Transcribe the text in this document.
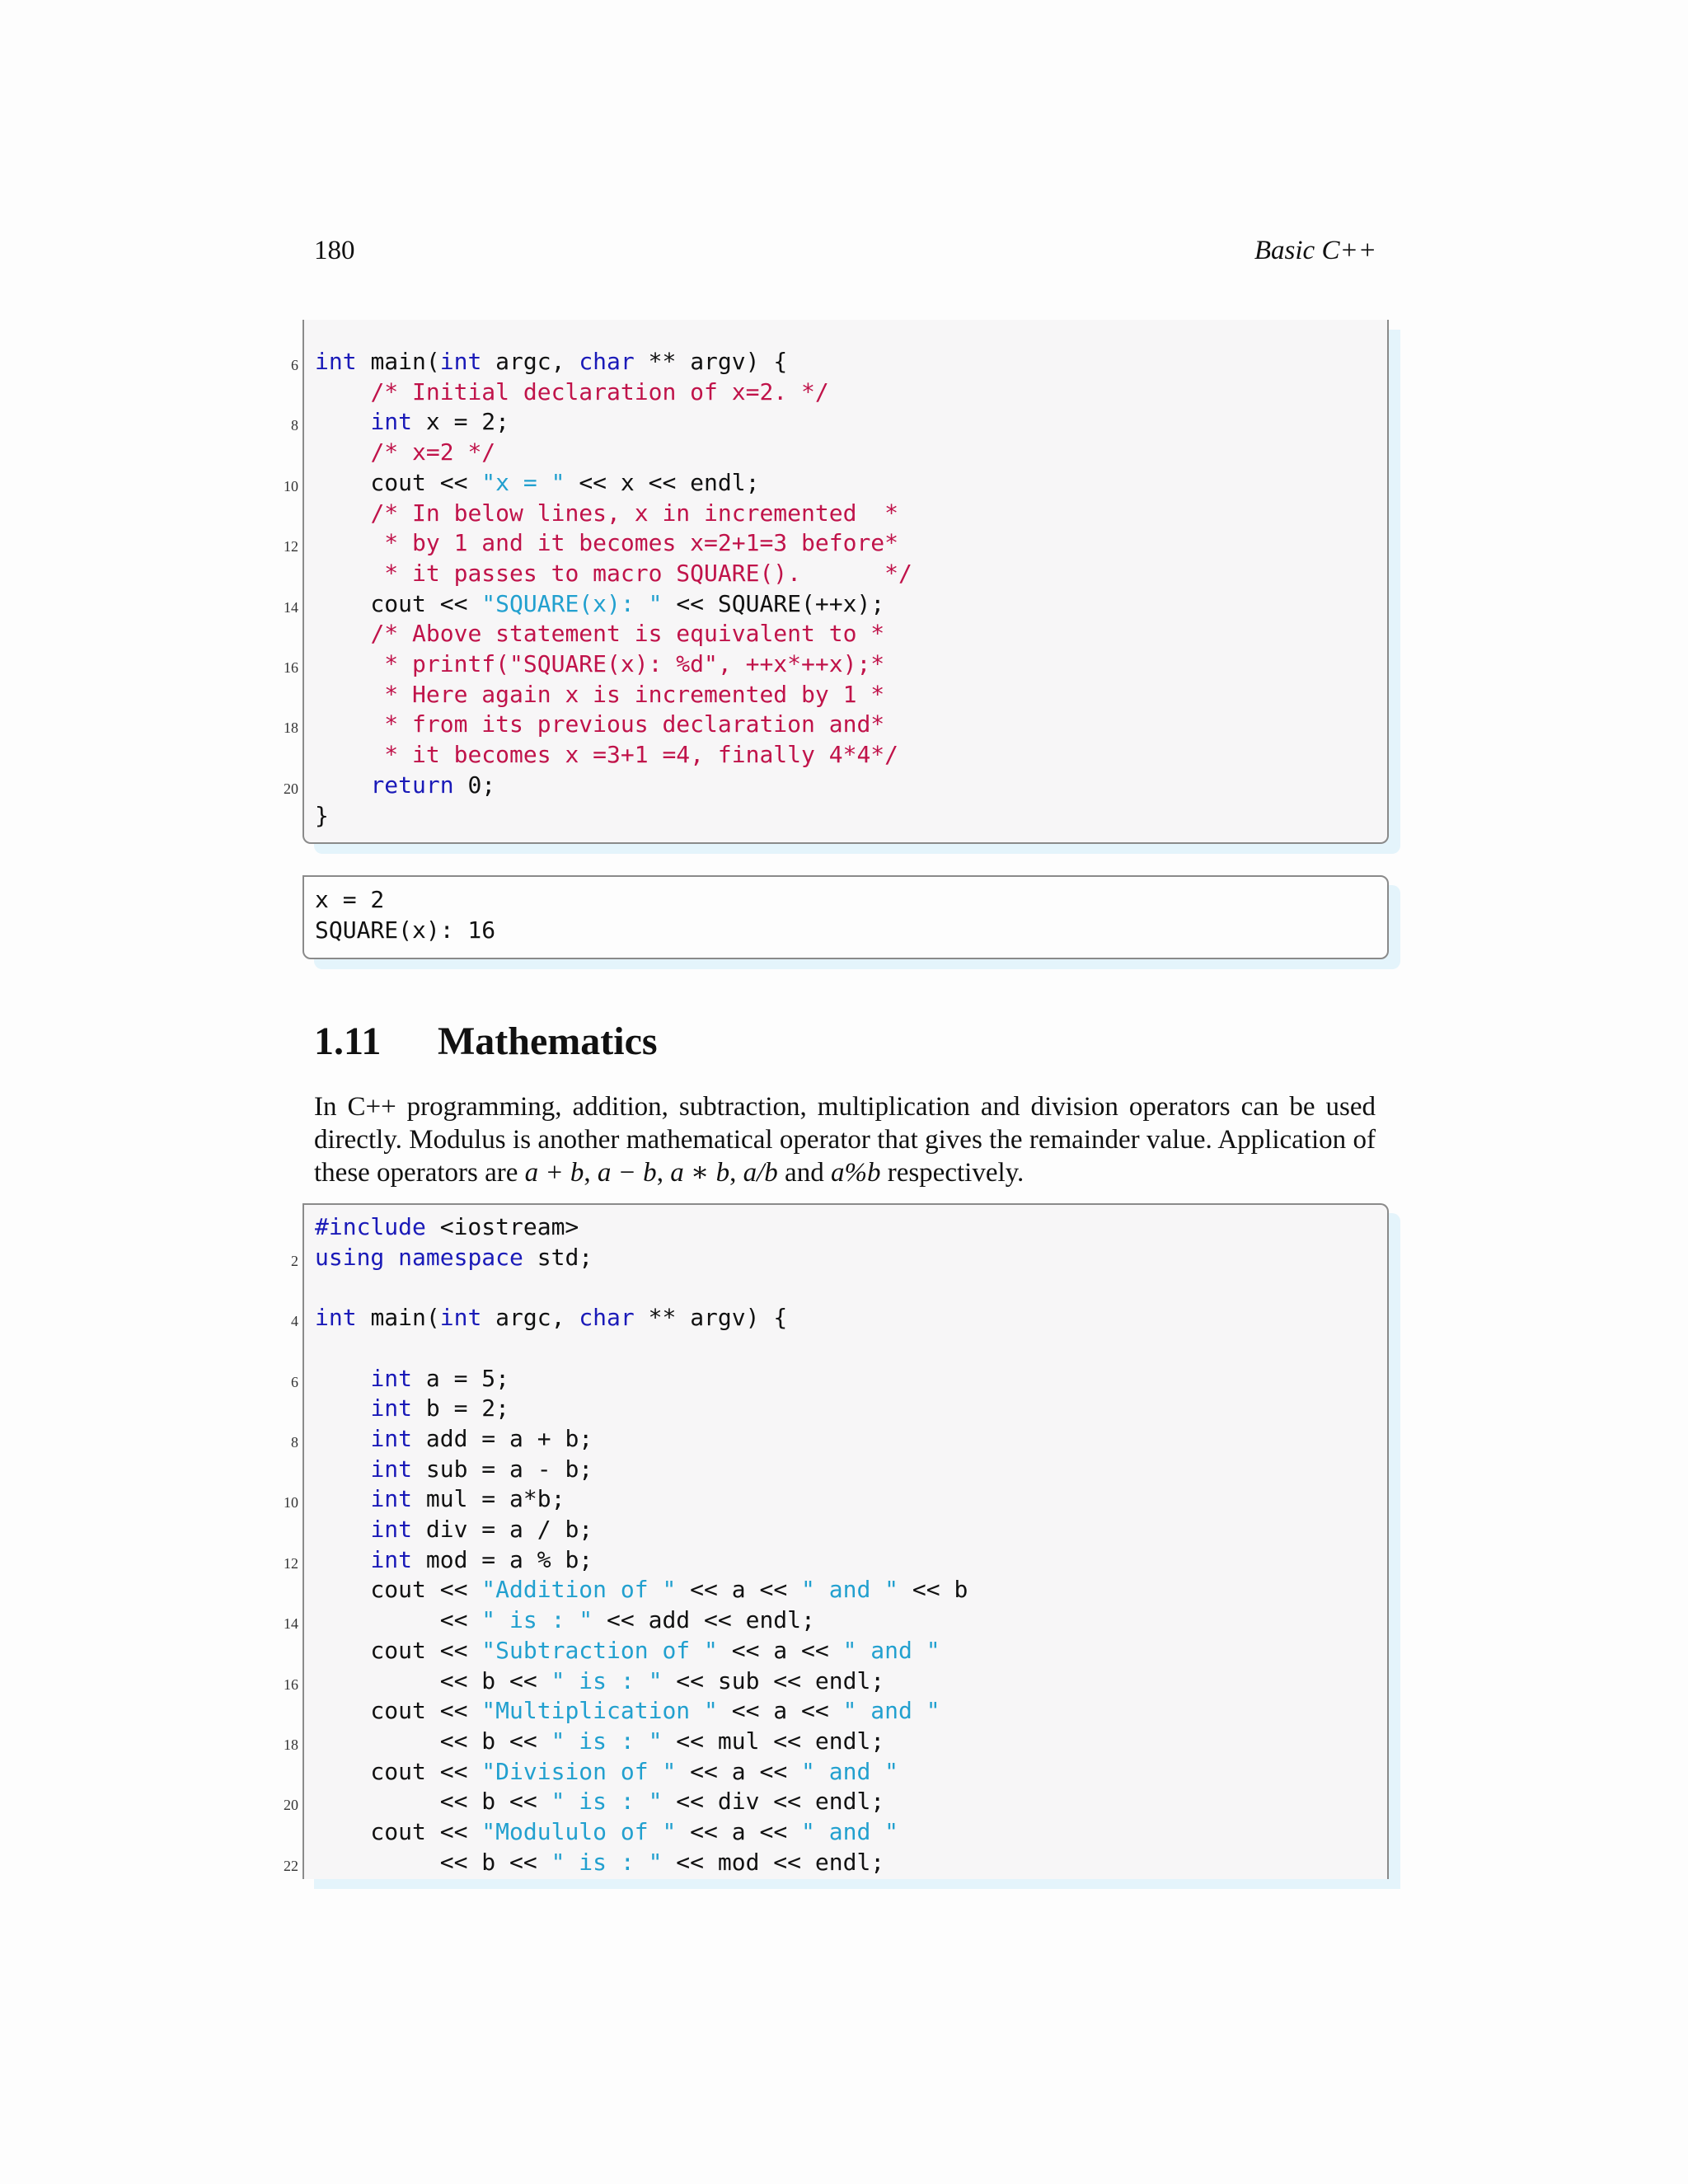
180	Basic C++
6
8
10
12
14
16
18
20
int main(int argc, char ** argv) {
/* Initial declaration of x=2. */
int x = 2;
/* x=2 */
cout << "x = " << x << endl;
/* In below lines, x in incremented  *
* by 1 and it becomes x=2+1=3 before*
* it passes to macro SQUARE().      */
cout << "SQUARE(x): " << SQUARE(++x);
/* Above statement is equivalent to *
* printf("SQUARE(x): %d", ++x*++x);*
* Here again x is incremented by 1 *
* from its previous declaration and*
* it becomes x =3+1 =4, finally 4*4*/
return 0;
}
x = 2
SQUARE(x): 16
1.11 Mathematics

In C++ programming, addition, subtraction, multiplication and division operators can be used directly. Modulus is another mathematical operator that gives the remainder value. Application of these operators are a + b, a − b, a ∗ b, a/b and a%b respectively.

2
4
6
8
10
12
14
16
18
20
22
#include <iostream>
using namespace std;

int main(int argc, char ** argv) {

int a = 5;
int b = 2;
int add = a + b;
int sub = a - b;
int mul = a*b;
int div = a / b;
int mod = a % b;
cout << "Addition of " << a << " and " << b
<< " is : " << add << endl;
cout << "Subtraction of " << a << " and "
<< b << " is : " << sub << endl;
cout << "Multiplication " << a << " and "
<< b << " is : " << mul << endl;
cout << "Division of " << a << " and "
<< b << " is : " << div << endl;
cout << "Modululo of " << a << " and "
<< b << " is : " << mod << endl;
